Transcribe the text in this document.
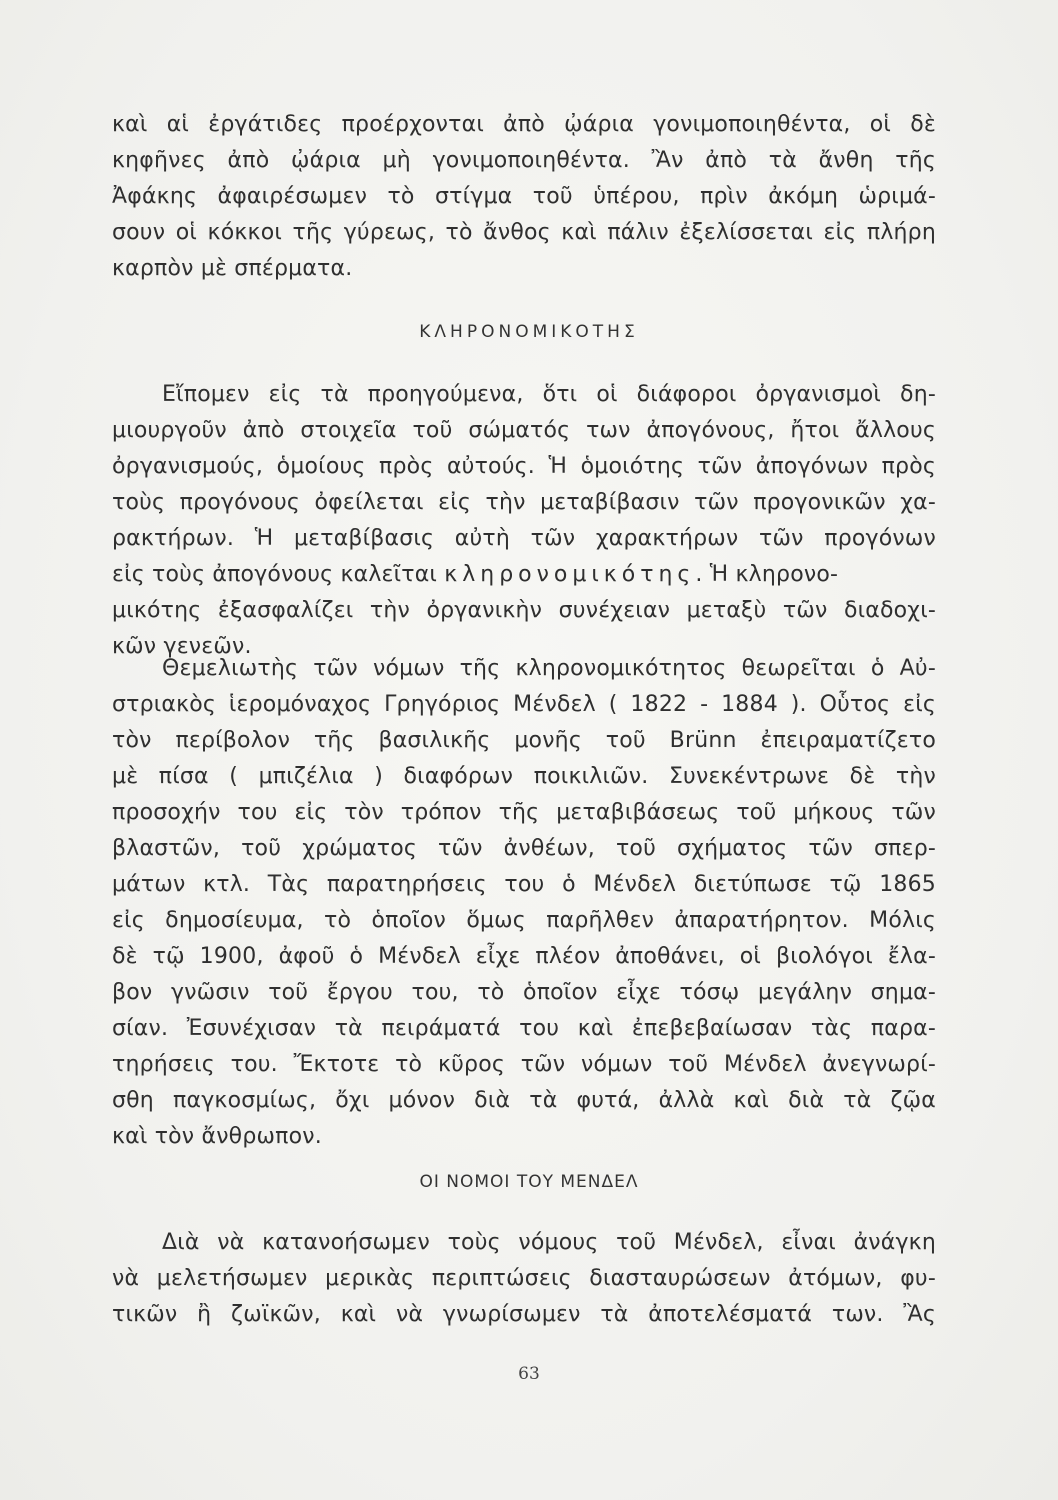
καὶ αἱ ἐργάτιδες προέρχονται ἀπὸ ᾠάρια γονιμοποιηθέντα, οἱ δὲ
κηφῆνες ἀπὸ ᾠάρια μὴ γονιμοποιηθέντα. Ἂν ἀπὸ τὰ ἄνθη τῆς
Ἀφάκης ἀφαιρέσωμεν τὸ στίγμα τοῦ ὑπέρου, πρὶν ἀκόμη ὡριμά-
σουν οἱ κόκκοι τῆς γύρεως, τὸ ἄνθος καὶ πάλιν ἐξελίσσεται εἰς πλήρη
καρπὸν μὲ σπέρματα.
ΚΛΗΡΟΝΟΜΙΚΟΤΗΣ
Εἴπομεν εἰς τὰ προηγούμενα, ὅτι οἱ διάφοροι ὀργανισμοὶ δη-
μιουργοῦν ἀπὸ στοιχεῖα τοῦ σώματός των ἀπογόνους, ἤτοι ἄλλους
ὀργανισμούς, ὁμοίους πρὸς αὐτούς. Ἡ ὁμοιότης τῶν ἀπογόνων πρὸς
τοὺς προγόνους ὀφείλεται εἰς τὴν μεταβίβασιν τῶν προγονικῶν χα-
ρακτήρων. Ἡ μεταβίβασις αὐτὴ τῶν χαρακτήρων τῶν προγόνων
εἰς τοὺς ἀπογόνους καλεῖται κληρονομικότης. Ἡ κληρονο-
μικότης ἐξασφαλίζει τὴν ὀργανικὴν συνέχειαν μεταξὺ τῶν διαδοχι-
κῶν γενεῶν.
Θεμελιωτὴς τῶν νόμων τῆς κληρονομικότητος θεωρεῖται ὁ Αὐ-
στριακὸς ἱερομόναχος Γρηγόριος Μένδελ ( 1822 - 1884 ). Οὗτος εἰς
τὸν περίβολον τῆς βασιλικῆς μονῆς τοῦ Brünn ἐπειραματίζετο
μὲ πίσα ( μπιζέλια ) διαφόρων ποικιλιῶν. Συνεκέντρωνε δὲ τὴν
προσοχήν του εἰς τὸν τρόπον τῆς μεταβιβάσεως τοῦ μήκους τῶν
βλαστῶν, τοῦ χρώματος τῶν ἀνθέων, τοῦ σχήματος τῶν σπερ-
μάτων κτλ. Τὰς παρατηρήσεις του ὁ Μένδελ διετύπωσε τῷ 1865
εἰς δημοσίευμα, τὸ ὁποῖον ὅμως παρῆλθεν ἀπαρατήρητον. Μόλις
δὲ τῷ 1900, ἀφοῦ ὁ Μένδελ εἶχε πλέον ἀποθάνει, οἱ βιολόγοι ἔλα-
βον γνῶσιν τοῦ ἔργου του, τὸ ὁποῖον εἶχε τόσῳ μεγάλην σημα-
σίαν. Ἐσυνέχισαν τὰ πειράματά του καὶ ἐπεβεβαίωσαν τὰς παρα-
τηρήσεις του. Ἔκτοτε τὸ κῦρος τῶν νόμων τοῦ Μένδελ ἀνεγνωρί-
σθη παγκοσμίως, ὄχι μόνον διὰ τὰ φυτά, ἀλλὰ καὶ διὰ τὰ ζῷα
καὶ τὸν ἄνθρωπον.
ΟΙ ΝΟΜΟΙ ΤΟΥ ΜΕΝΔΕΛ
Διὰ νὰ κατανοήσωμεν τοὺς νόμους τοῦ Μένδελ, εἶναι ἀνάγκη
νὰ μελετήσωμεν μερικὰς περιπτώσεις διασταυρώσεων ἀτόμων, φυ-
τικῶν ἢ ζωϊκῶν, καὶ νὰ γνωρίσωμεν τὰ ἀποτελέσματά των. Ἂς
63
